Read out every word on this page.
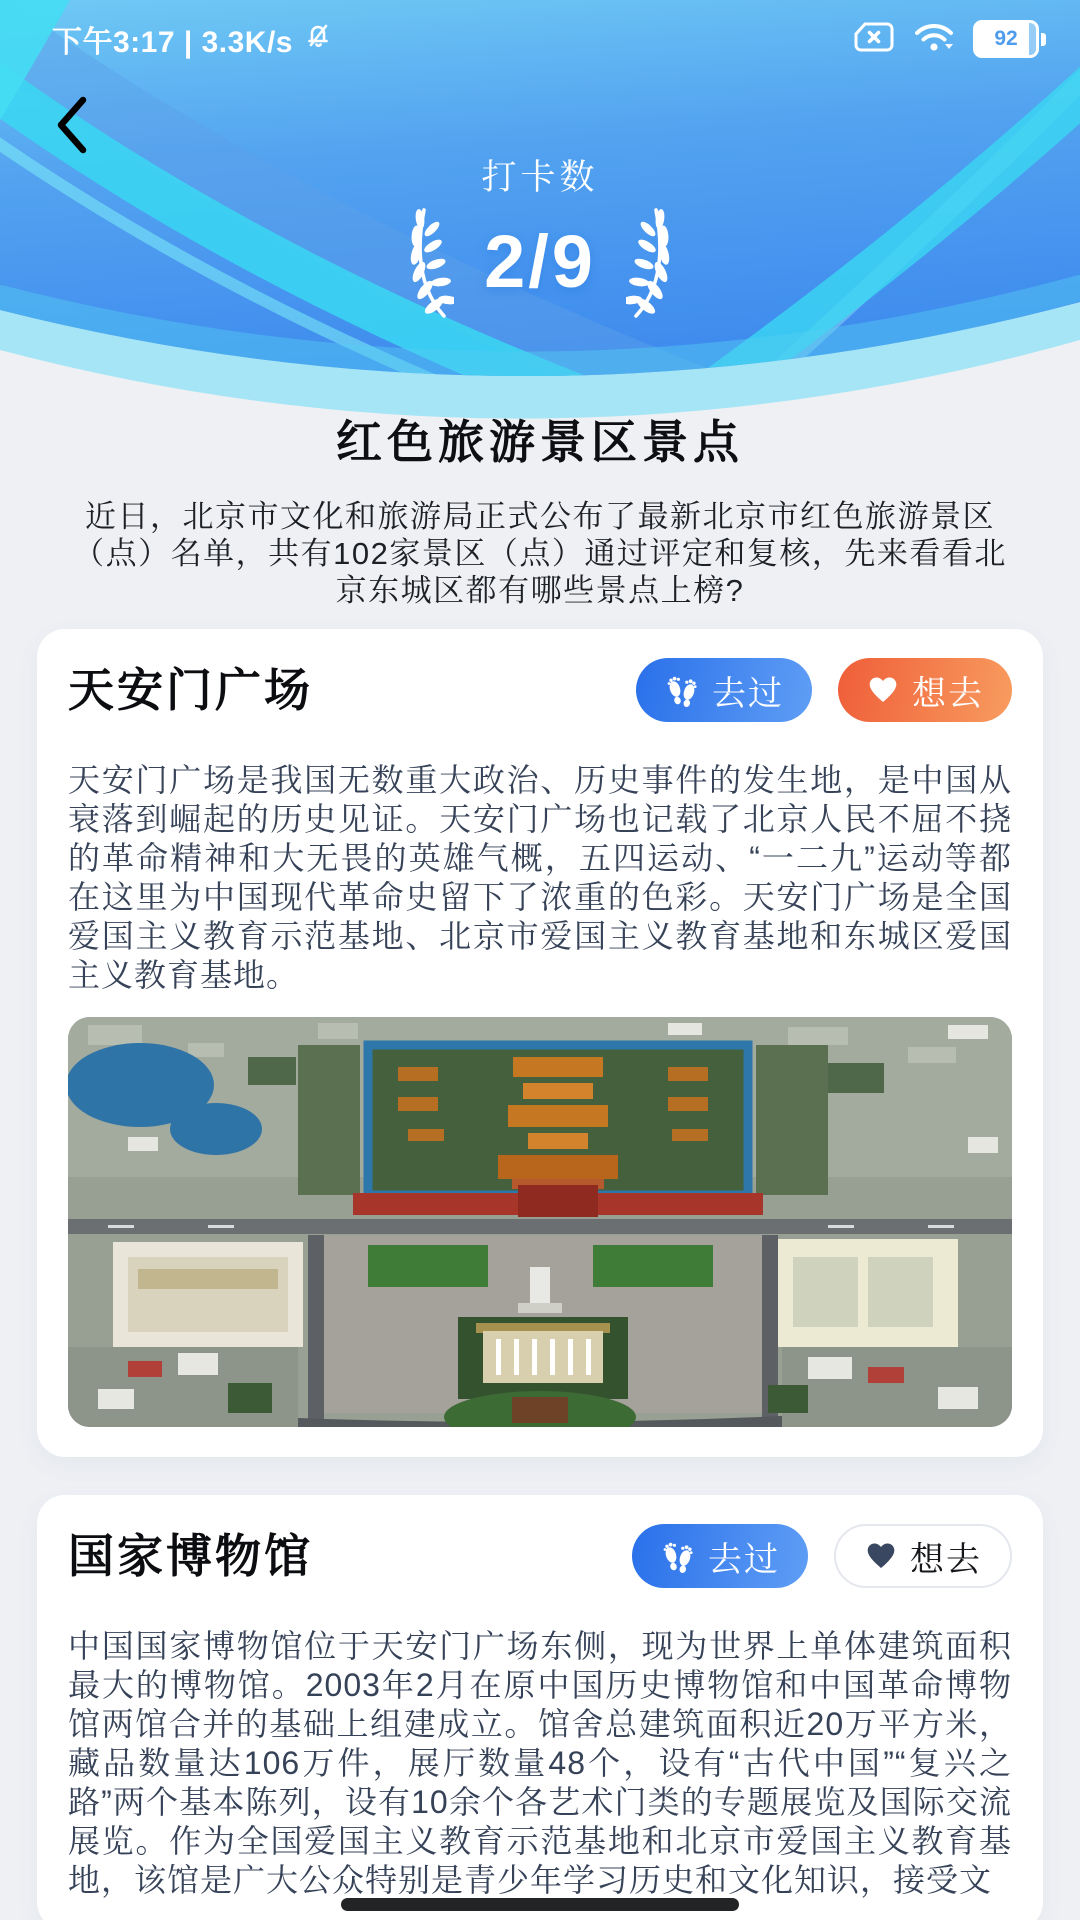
下午3:17 | 3.3K/s	92
打卡数
2/9
红色旅游景区景点

近日，北京市文化和旅游局正式公布了最新北京市红色旅游景区（点）名单，共有102家景区（点）通过评定和复核，先来看看北京东城区都有哪些景点上榜?

天安门广场	去过	想去

天安门广场是我国无数重大政治、历史事件的发生地，是中国从衰落到崛起的历史见证。天安门广场也记载了北京人民不屈不挠的革命精神和大无畏的英雄气概，五四运动、“一二九”运动等都在这里为中国现代革命史留下了浓重的色彩。天安门广场是全国爱国主义教育示范基地、北京市爱国主义教育基地和东城区爱国主义教育基地。

国家博物馆	去过	想去

中国国家博物馆位于天安门广场东侧，现为世界上单体建筑面积最大的博物馆。2003年2月在原中国历史博物馆和中国革命博物馆两馆合并的基础上组建成立。馆舍总建筑面积近20万平方米，藏品数量达106万件，展厅数量48个，设有“古代中国”“复兴之路”两个基本陈列，设有10余个各艺术门类的专题展览及国际交流展览。作为全国爱国主义教育示范基地和北京市爱国主义教育基地，该馆是广大公众特别是青少年学习历史和文化知识，接受文
